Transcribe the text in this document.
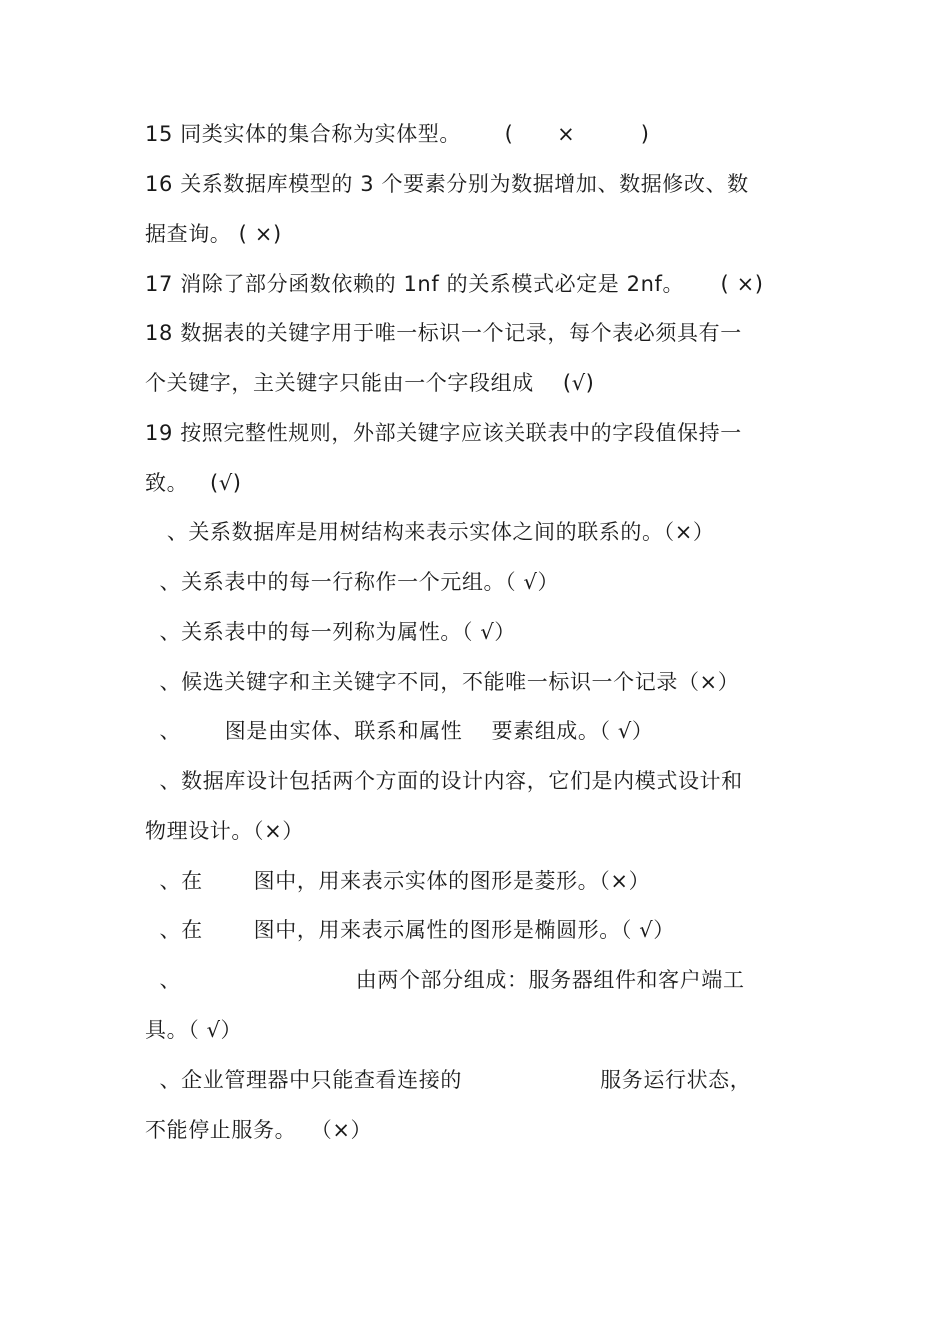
15 同类实体的集合称为实体型。      (      ×         )
16 关系数据库模型的 3 个要素分别为数据增加、数据修改、数
据查询。 ( ×)
17 消除了部分函数依赖的 1nf 的关系模式必定是 2nf。     ( ×)
18 数据表的关键字用于唯一标识一个记录，每个表必须具有一
个关键字，主关键字只能由一个字段组成    (√)
19 按照完整性规则，外部关键字应该关联表中的字段值保持一
致。   (√)
、关系数据库是用树结构来表示实体之间的联系的。（×）
、关系表中的每一行称作一个元组。（ √）
、关系表中的每一列称为属性。（ √）
、候选关键字和主关键字不同，不能唯一标识一个记录（×）
、      图是由实体、联系和属性    要素组成。（ √）
、数据库设计包括两个方面的设计内容，它们是内模式设计和
物理设计。（×）
、在       图中，用来表示实体的图形是菱形。（×）
、在       图中，用来表示属性的图形是椭圆形。（ √）
、                        由两个部分组成：服务器组件和客户端工
具。（ √）
、企业管理器中只能查看连接的                   服务运行状态，
不能停止服务。  （×）
